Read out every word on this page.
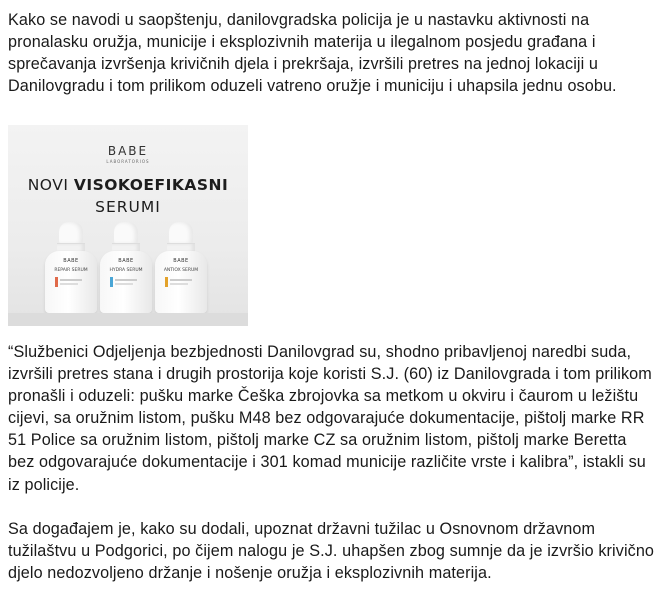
Kako se navodi u saopštenju, danilovgradska policija je u nastavku aktivnosti na pronalasku oružja, municije i eksplozivnih materija u ilegalnom posjedu građana i sprečavanja izvršenja krivičnih djela i prekršaja, izvršili pretres na jednoj lokaciji u Danilovgradu i tom prilikom oduzeli vatreno oružje i municiju i uhapsila jednu osobu.

BABE
LABORATORIOS
NOVI VISOKOEFIKASNI
SERUMI
BABE
REPAIR SERUM
BABE
HYDRA SERUM
BABE
ANTIOX SERUM

“Službenici Odjeljenja bezbjednosti Danilovgrad su, shodno pribavljenoj naredbi suda, izvršili pretres stana i drugih prostorija koje koristi S.J. (60) iz Danilovgrada i tom prilikom pronašli i oduzeli: pušku marke Češka zbrojovka sa metkom u okviru i čaurom u ležištu cijevi, sa oružnim listom, pušku M48 bez odgovarajuće dokumentacije, pištolj marke RR 51 Police sa oružnim listom, pištolj marke CZ sa oružnim listom, pištolj marke Beretta bez odgovarajuće dokumentacije i 301 komad municije različite vrste i kalibra”, istakli su iz policije.

Sa događajem je, kako su dodali, upoznat državni tužilac u Osnovnom državnom tužilaštvu u Podgorici, po čijem nalogu je S.J. uhapšen zbog sumnje da je izvršio krivično djelo nedozvoljeno držanje i nošenje oružja i eksplozivnih materija.
